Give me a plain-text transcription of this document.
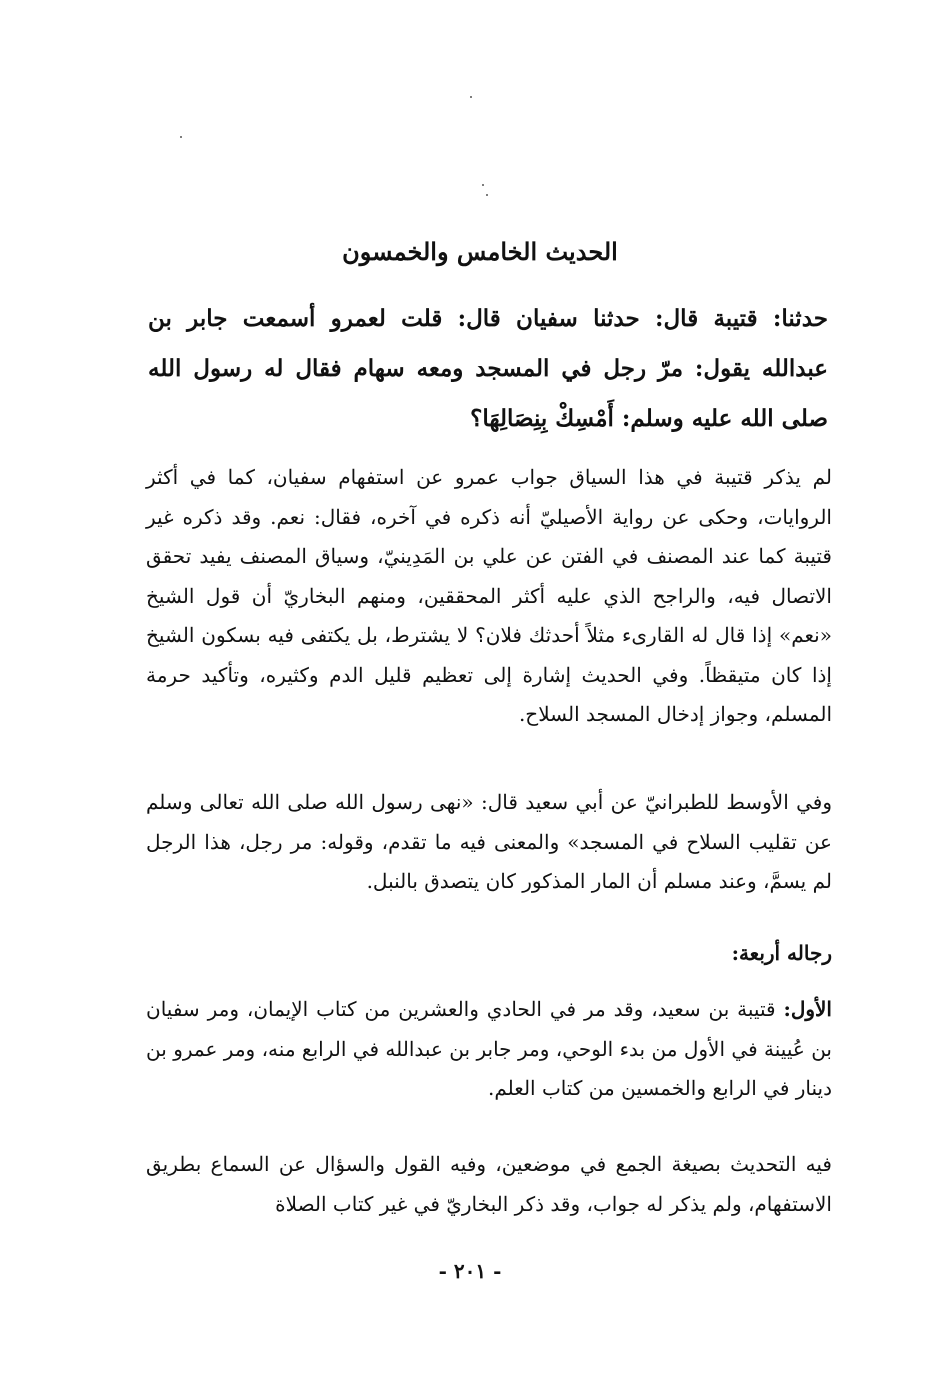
الحديث الخامس والخمسون
حدثنا: قتيبة قال: حدثنا سفيان قال: قلت لعمرو أسمعت جابر بن عبدالله يقول: مرّ رجل في المسجد ومعه سهام فقال له رسول الله صلى الله عليه وسلم: أَمْسِكْ بِنِصَالِهَا؟
لم يذكر قتيبة في هذا السياق جواب عمرو عن استفهام سفيان، كما في أكثر الروايات، وحكى عن رواية الأصيليّ أنه ذكره في آخره، فقال: نعم. وقد ذكره غير قتيبة كما عند المصنف في الفتن عن علي بن المَدِينيّ، وسياق المصنف يفيد تحقق الاتصال فيه، والراجح الذي عليه أكثر المحققين، ومنهم البخاريّ أن قول الشيخ «نعم» إذا قال له القارىء مثلاً أحدثك فلان؟ لا يشترط، بل يكتفى فيه بسكون الشيخ إذا كان متيقظاً. وفي الحديث إشارة إلى تعظيم قليل الدم وكثيره، وتأكيد حرمة المسلم، وجواز إدخال المسجد السلاح.
وفي الأوسط للطبرانيّ عن أبي سعيد قال: «نهى رسول الله صلى الله تعالى وسلم عن تقليب السلاح في المسجد» والمعنى فيه ما تقدم، وقوله: مر رجل، هذا الرجل لم يسمَّ، وعند مسلم أن المار المذكور كان يتصدق بالنبل.
رجاله أربعة:
الأول: قتيبة بن سعيد، وقد مر في الحادي والعشرين من كتاب الإيمان، ومر سفيان بن عُيينة في الأول من بدء الوحي، ومر جابر بن عبدالله في الرابع منه، ومر عمرو بن دينار في الرابع والخمسين من كتاب العلم.
فيه التحديث بصيغة الجمع في موضعين، وفيه القول والسؤال عن السماع بطريق الاستفهام، ولم يذكر له جواب، وقد ذكر البخاريّ في غير كتاب الصلاة
- ٢٠١ -
